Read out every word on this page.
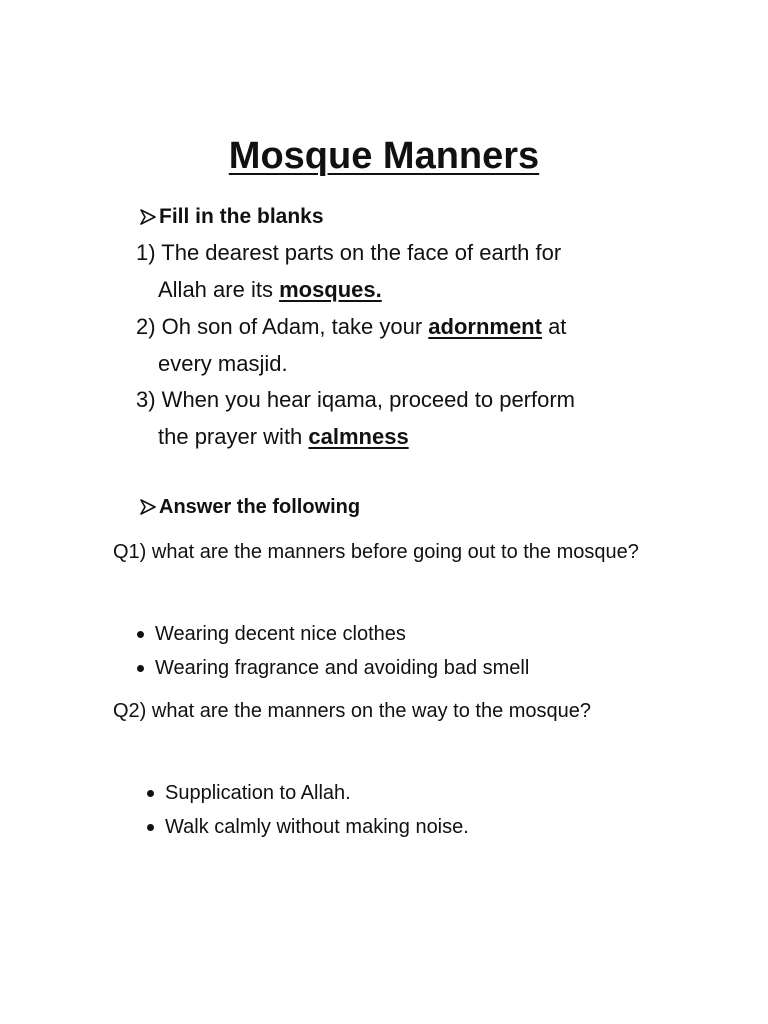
Mosque Manners
Fill in the blanks

1) The dearest parts on the face of earth for
Allah are its mosques.

2) Oh son of Adam, take your adornment at
every masjid.

3) When you hear iqama, proceed to perform
the prayer with calmness

Answer the following

Q1) what are the manners before going out to the mosque?

Wearing decent nice clothes
Wearing fragrance and avoiding bad smell

Q2) what are the manners on the way to the mosque?

Supplication to Allah.
Walk calmly without making noise.
